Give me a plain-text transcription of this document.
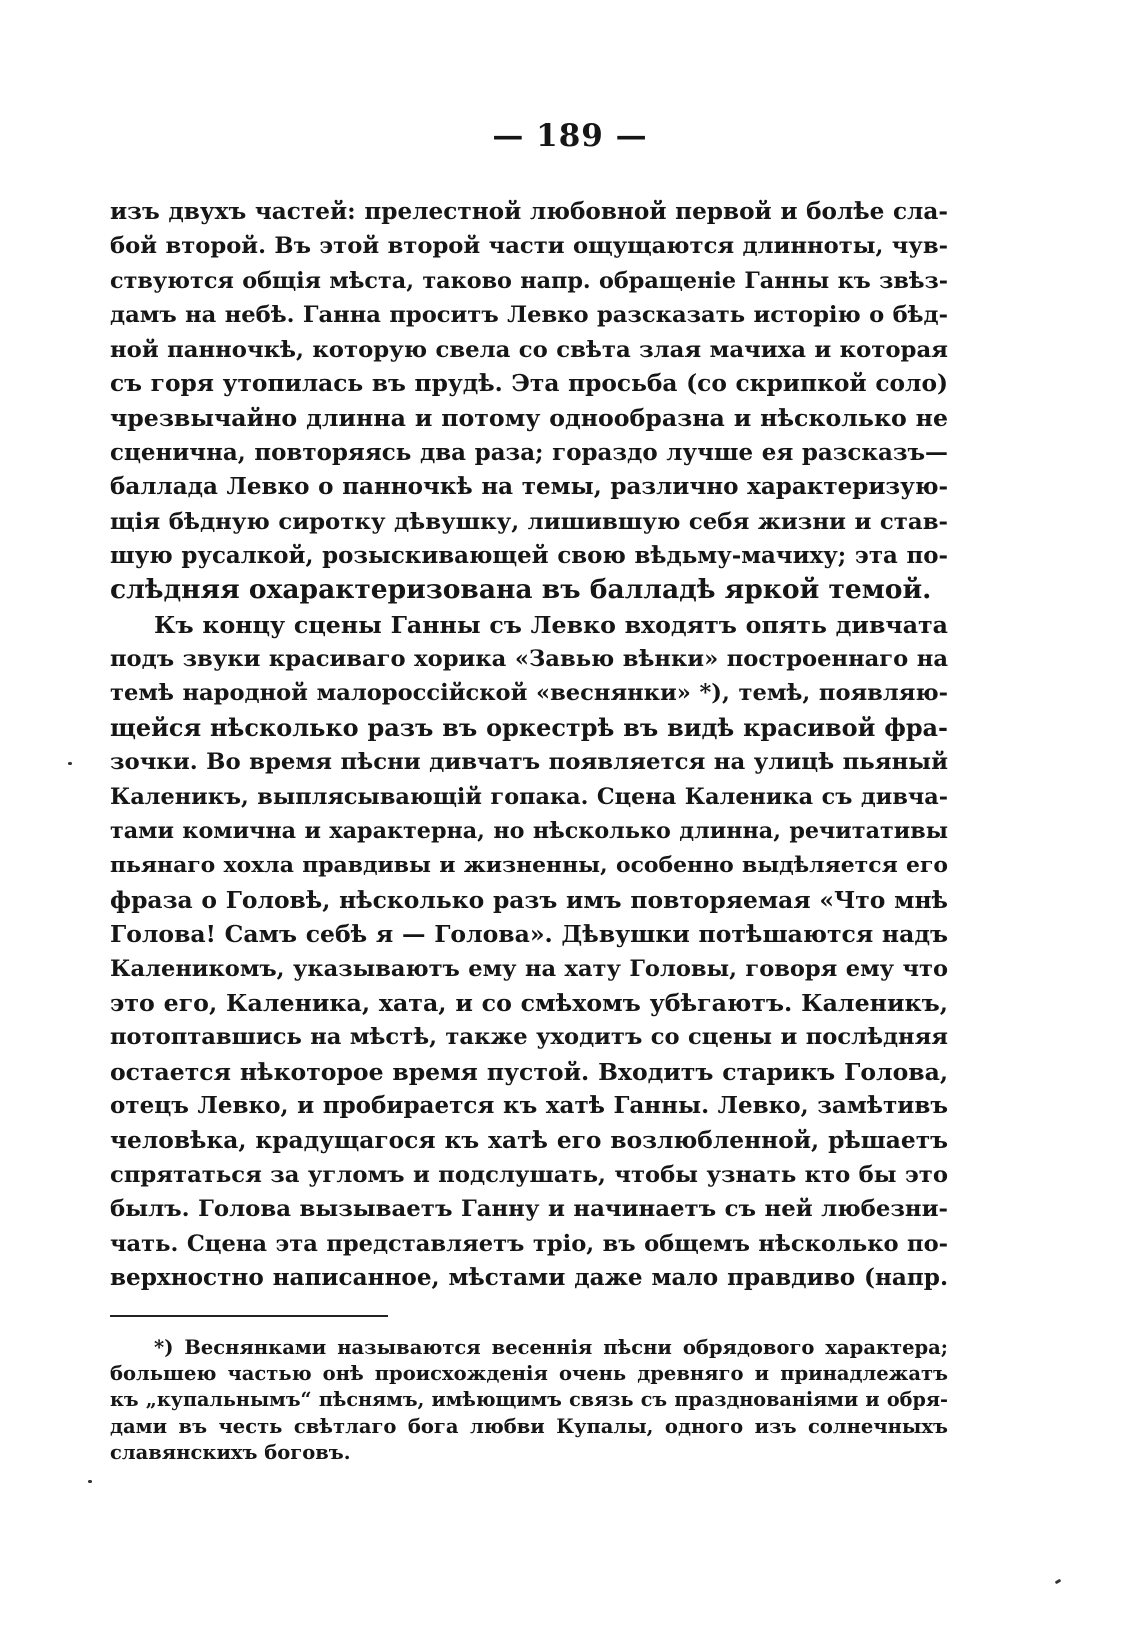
— 189 —
изъ двухъ частей: прелестной любовной первой и болѣе сла-
бой второй. Въ этой второй части ощущаются длинноты, чув-
ствуются общія мѣста, таково напр. обращеніе Ганны къ звѣз-
дамъ на небѣ. Ганна проситъ Левко разсказать исторію о бѣд-
ной панночкѣ, которую свела со свѣта злая мачиха и которая
съ горя утопилась въ прудѣ. Эта просьба (со скрипкой соло)
чрезвычайно длинна и потому однообразна и нѣсколько не
сценична, повторяясь два раза; гораздо лучше ея разсказъ—
баллада Левко о панночкѣ на темы, различно характеризую-
щія бѣдную сиротку дѣвушку, лишившую себя жизни и став-
шую русалкой, розыскивающей свою вѣдьму-мачиху; эта по-
слѣдняя охарактеризована въ балладѣ яркой темой.
Къ концу сцены Ганны съ Левко входятъ опять дивчата
подъ звуки красиваго хорика «Завью вѣнки» построеннаго на
темѣ народной малороссійской «веснянки» *), темѣ, появляю-
щейся нѣсколько разъ въ оркестрѣ въ видѣ красивой фра-
зочки. Во время пѣсни дивчатъ появляется на улицѣ пьяный
Каленикъ, выплясывающій гопака. Сцена Каленика съ дивча-
тами комична и характерна, но нѣсколько длинна, речитативы
пьянаго хохла правдивы и жизненны, особенно выдѣляется его
фраза о Головѣ, нѣсколько разъ имъ повторяемая «Что мнѣ
Голова! Самъ себѣ я — Голова». Дѣвушки потѣшаются надъ
Каленикомъ, указываютъ ему на хату Головы, говоря ему что
это его, Каленика, хата, и со смѣхомъ убѣгаютъ. Каленикъ,
потоптавшись на мѣстѣ, также уходитъ со сцены и послѣдняя
остается нѣкоторое время пустой. Входитъ старикъ Голова,
отецъ Левко, и пробирается къ хатѣ Ганны. Левко, замѣтивъ
человѣка, крадущагося къ хатѣ его возлюбленной, рѣшаетъ
спрятаться за угломъ и подслушать, чтобы узнать кто бы это
былъ. Голова вызываетъ Ганну и начинаетъ съ ней любезни-
чать. Сцена эта представляетъ тріо, въ общемъ нѣсколько по-
верхностно написанное, мѣстами даже мало правдиво (напр.
*) Веснянками называются весеннія пѣсни обрядового характера;
большею частью онѣ происхожденія очень древняго и принадлежатъ
къ „купальнымъ“ пѣснямъ, имѣющимъ связь съ празднованіями и обря-
дами въ честь свѣтлаго бога любви Купалы, одного изъ солнечныхъ
славянскихъ боговъ.
